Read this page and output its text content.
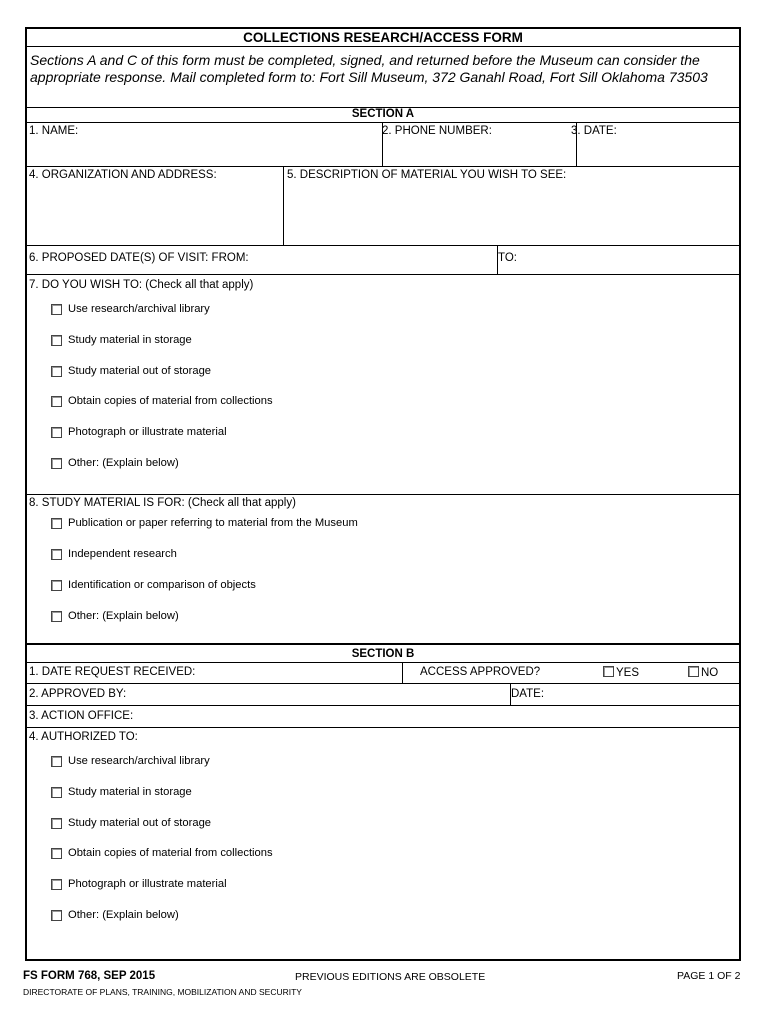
COLLECTIONS RESEARCH/ACCESS FORM
Sections A and C of this form must be completed, signed, and returned before the Museum can consider the appropriate response. Mail completed form to: Fort Sill Museum, 372 Ganahl Road, Fort Sill Oklahoma 73503
SECTION A
1. NAME:	2. PHONE NUMBER:	3. DATE:
4. ORGANIZATION AND ADDRESS:	5. DESCRIPTION OF MATERIAL YOU WISH TO SEE:
6. PROPOSED DATE(S) OF VISIT: FROM:	TO:
7. DO YOU WISH TO: (Check all that apply)
Use research/archival library
Study material in storage
Study material out of storage
Obtain copies of material from collections
Photograph or illustrate material
Other: (Explain below)
8. STUDY MATERIAL IS FOR: (Check all that apply)
Publication or paper referring to material from the Museum
Independent research
Identification or comparison of objects
Other: (Explain below)
SECTION B
1. DATE REQUEST RECEIVED:	ACCESS APPROVED?	YES	NO
2. APPROVED BY:	DATE:
3. ACTION OFFICE:
4. AUTHORIZED TO:
Use research/archival library
Study material in storage
Study material out of storage
Obtain copies of material from collections
Photograph or illustrate material
Other: (Explain below)
FS FORM 768, SEP 2015	PREVIOUS EDITIONS ARE OBSOLETE	PAGE 1 OF 2
DIRECTORATE OF PLANS, TRAINING, MOBILIZATION AND SECURITY
